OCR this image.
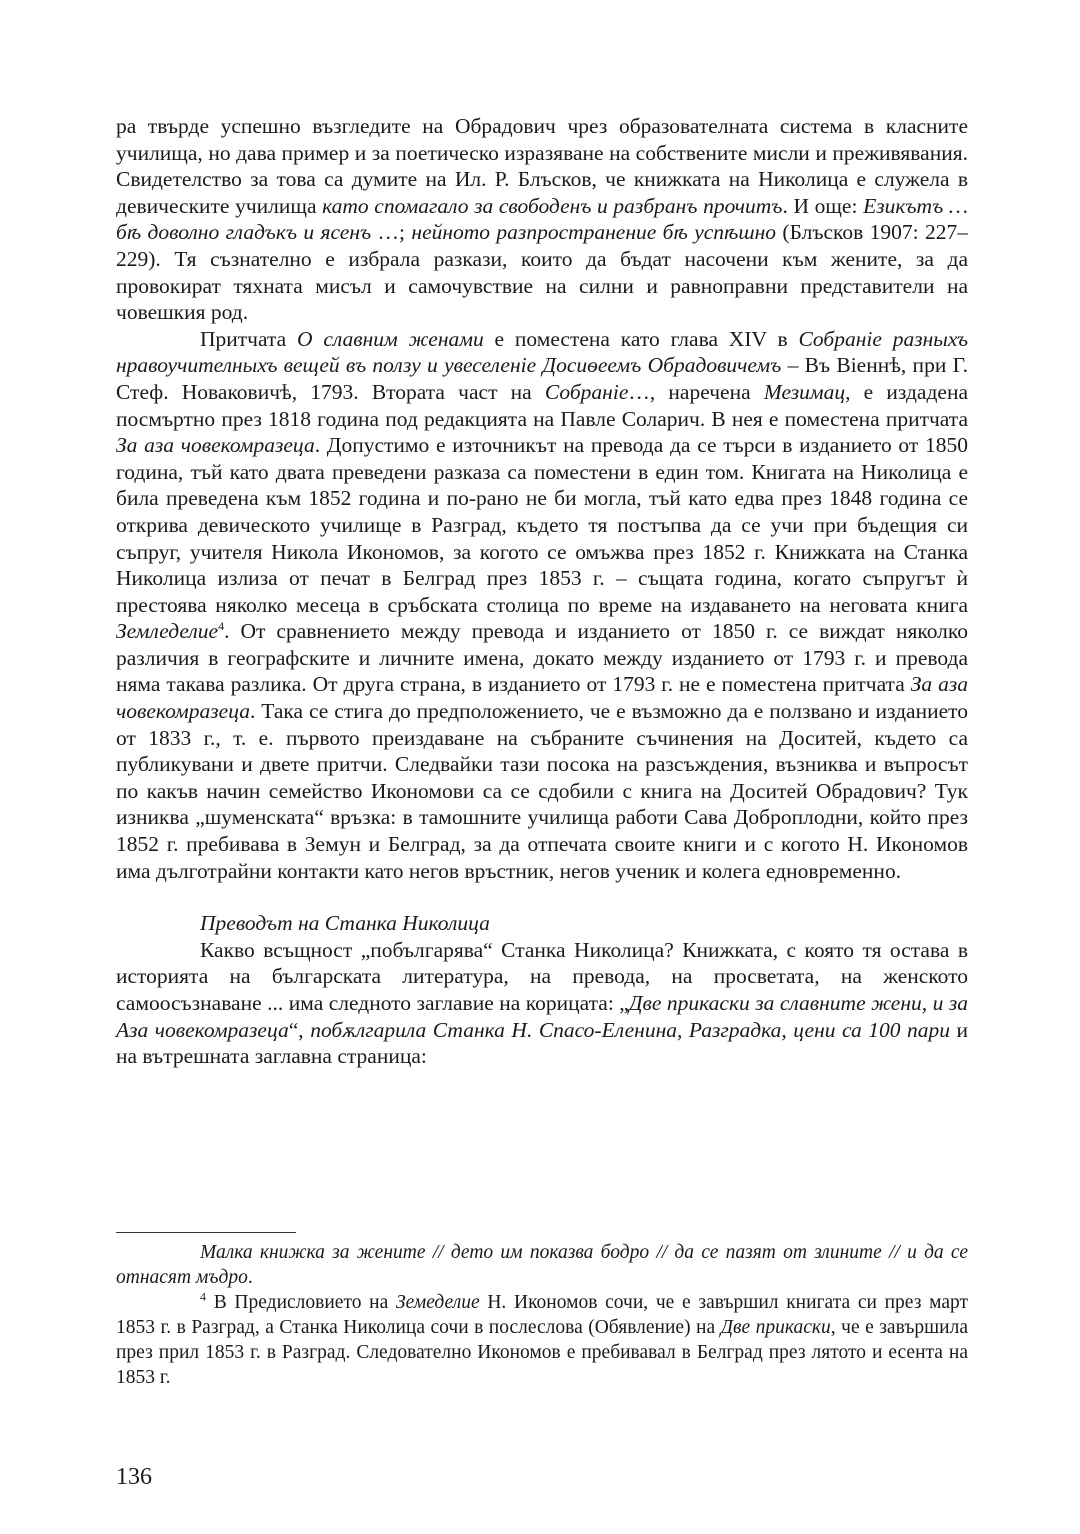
ра твърде успешно възгледите на Обрадович чрез образователната система в класните училища, но дава пример и за поетическо изразяване на собствените мисли и преживявания. Свидетелство за това са думите на Ил. Р. Блъсков, че книжката на Николица е служела в девическите училища като спомагало за свободенъ и разбранъ прочитъ. И още: Езикътъ … бѣ доволно гладъкъ и ясенъ …; нейното разпространение бѣ успѣшно (Блъсков 1907: 227–229). Тя съзнателно е избрала разкази, които да бъдат насочени към жените, за да провокират тяхната мисъл и самочувствие на силни и равноправни представители на човешкия род.

Притчата О славним женами е поместена като глава XIV в Собраніе разныхъ нравоучителныхъ вещей въ ползу и увеселеніе Досиѳеемъ Обрадовичемъ – Въ Віеннѣ, при Г. Стеф. Новаковичѣ, 1793. Втората част на Собраніе…, наречена Мезимац, е издадена посмъртно през 1818 година под редакцията на Павле Соларич. В нея е поместена притчата За аза човекомразеца. Допустимо е източникът на превода да се търси в изданието от 1850 година, тъй като двата преведени разказа са поместени в един том. Книгата на Николица е била преведена към 1852 година и по-рано не би могла, тъй като едва през 1848 година се открива девическото училище в Разград, където тя постъпва да се учи при бъдещия си съпруг, учителя Никола Икономов, за когото се омъжва през 1852 г. Книжката на Станка Николица излиза от печат в Белград през 1853 г. – същата година, когато съпругът ѝ престоява няколко месеца в сръбската столица по време на издаването на неговата книга Земледелие$^4$. От сравнението между превода и изданието от 1850 г. се виждат няколко различия в географските и личните имена, докато между изданието от 1793 г. и превода няма такава разлика. От друга страна, в изданието от 1793 г. не е поместена притчата За аза човекомразеца. Така се стига до предположението, че е възможно да е ползвано и изданието от 1833 г., т. е. първото преиздаване на събраните съчинения на Доситей, където са публикувани и двете притчи. Следвайки тази посока на разсъждения, възниква и въпросът по какъв начин семейство Икономови са се сдобили с книга на Доситей Обрадович? Тук изниква „шуменската“ връзка: в тамошните училища работи Сава Доброплодни, който през 1852 г. пребивава в Земун и Белград, за да отпечата своите книги и с когото Н. Икономов има дълготрайни контакти като негов връстник, негов ученик и колега едновременно.

Преводът на Станка Николица

Какво всъщност „побългарява“ Станка Николица? Книжката, с която тя остава в историята на българската литература, на превода, на просветата, на женското самоосъзнаване ... има следното заглавие на корицата: „Две прикаски за славните жени, и за Аза човекомразеца“, побѫлгарила Станка Н. Спасо-Еленина, Разградка, цени са 100 пари и на вътрешната заглавна страница:

Малка книжка за жените // дето им показва бодро // да се пазят от злините // и да се отнасят мъдро.

$^4$ В Предисловието на Земеделие Н. Икономов сочи, че е завършил книгата си през март 1853 г. в Разград, а Станка Николица сочи в послеслова (Обявление) на Две прикаски, че е завършила през прил 1853 г. в Разград. Следователно Икономов е пребивавал в Белград през лятото и есента на 1853 г.

136
